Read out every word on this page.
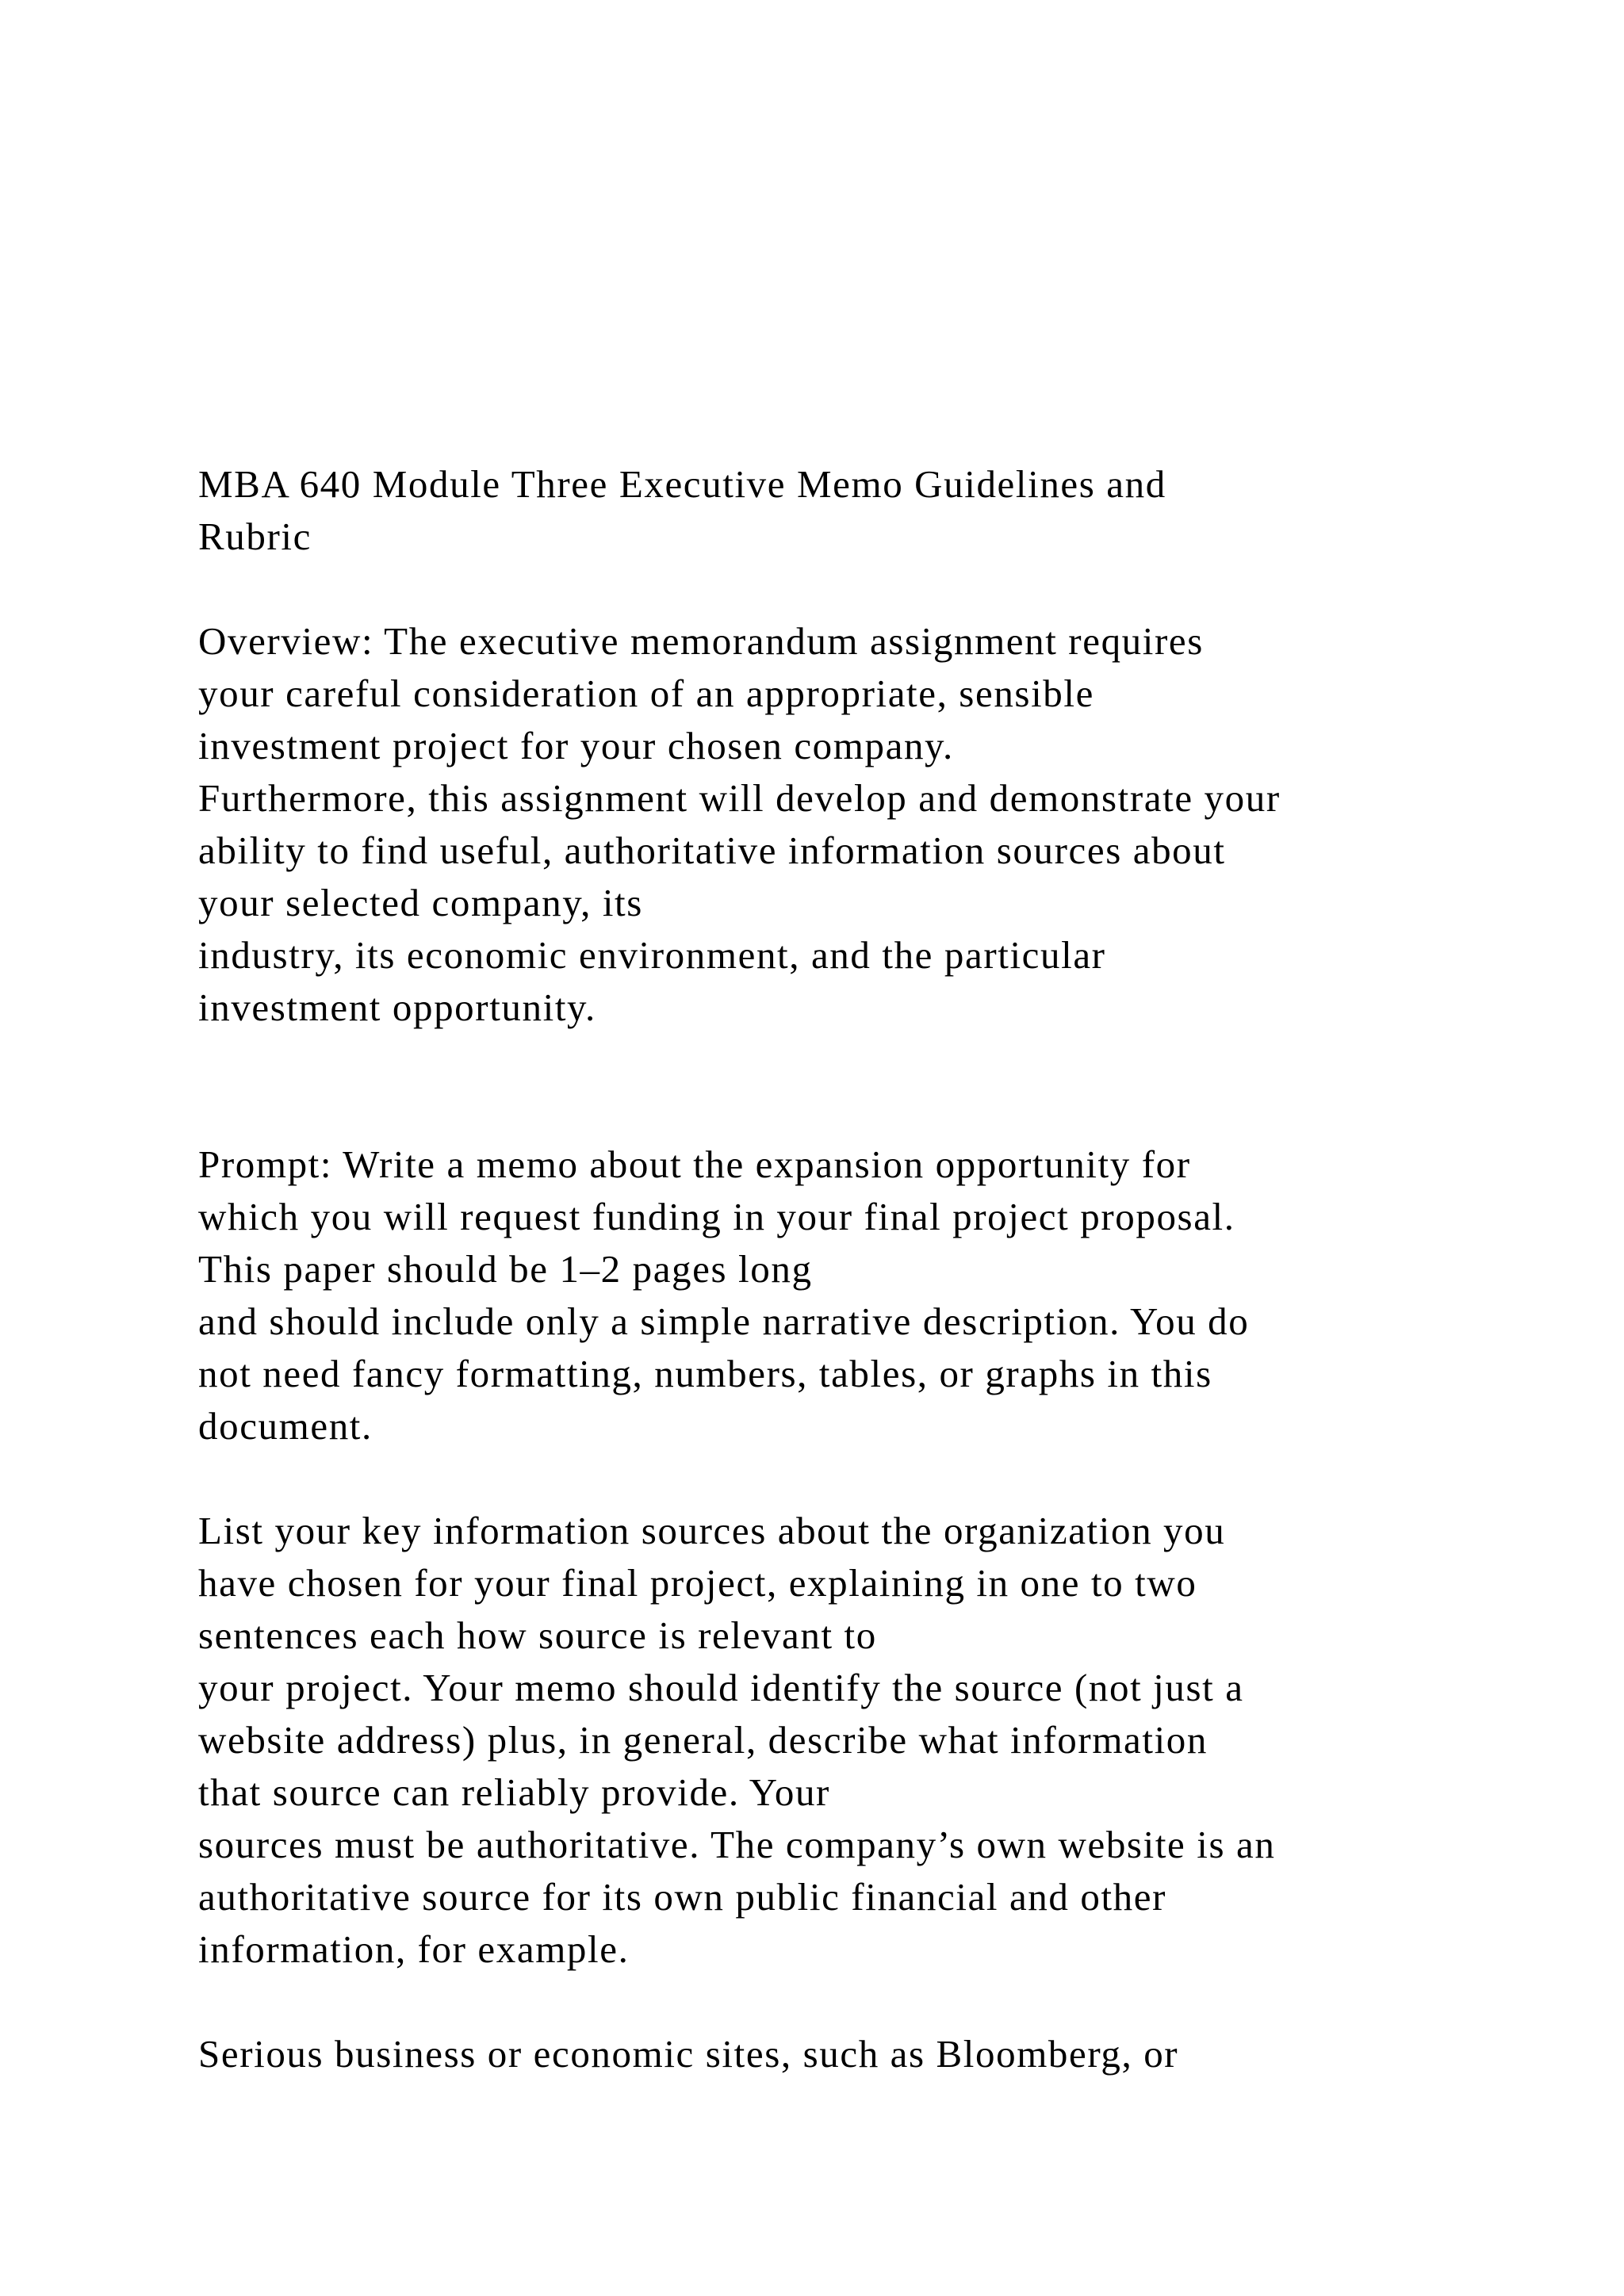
MBA 640 Module Three Executive Memo Guidelines and
Rubric
Overview: The executive memorandum assignment requires
your careful consideration of an appropriate, sensible
investment project for your chosen company.
Furthermore, this assignment will develop and demonstrate your
ability to find useful, authoritative information sources about
your selected company, its
industry, its economic environment, and the particular
investment opportunity.
Prompt: Write a memo about the expansion opportunity for
which you will request funding in your final project proposal.
This paper should be 1–2 pages long
and should include only a simple narrative description. You do
not need fancy formatting, numbers, tables, or graphs in this
document.
List your key information sources about the organization you
have chosen for your final project, explaining in one to two
sentences each how source is relevant to
your project. Your memo should identify the source (not just a
website address) plus, in general, describe what information
that source can reliably provide. Your
sources must be authoritative. The company’s own website is an
authoritative source for its own public financial and other
information, for example.
Serious business or economic sites, such as Bloomberg, or
